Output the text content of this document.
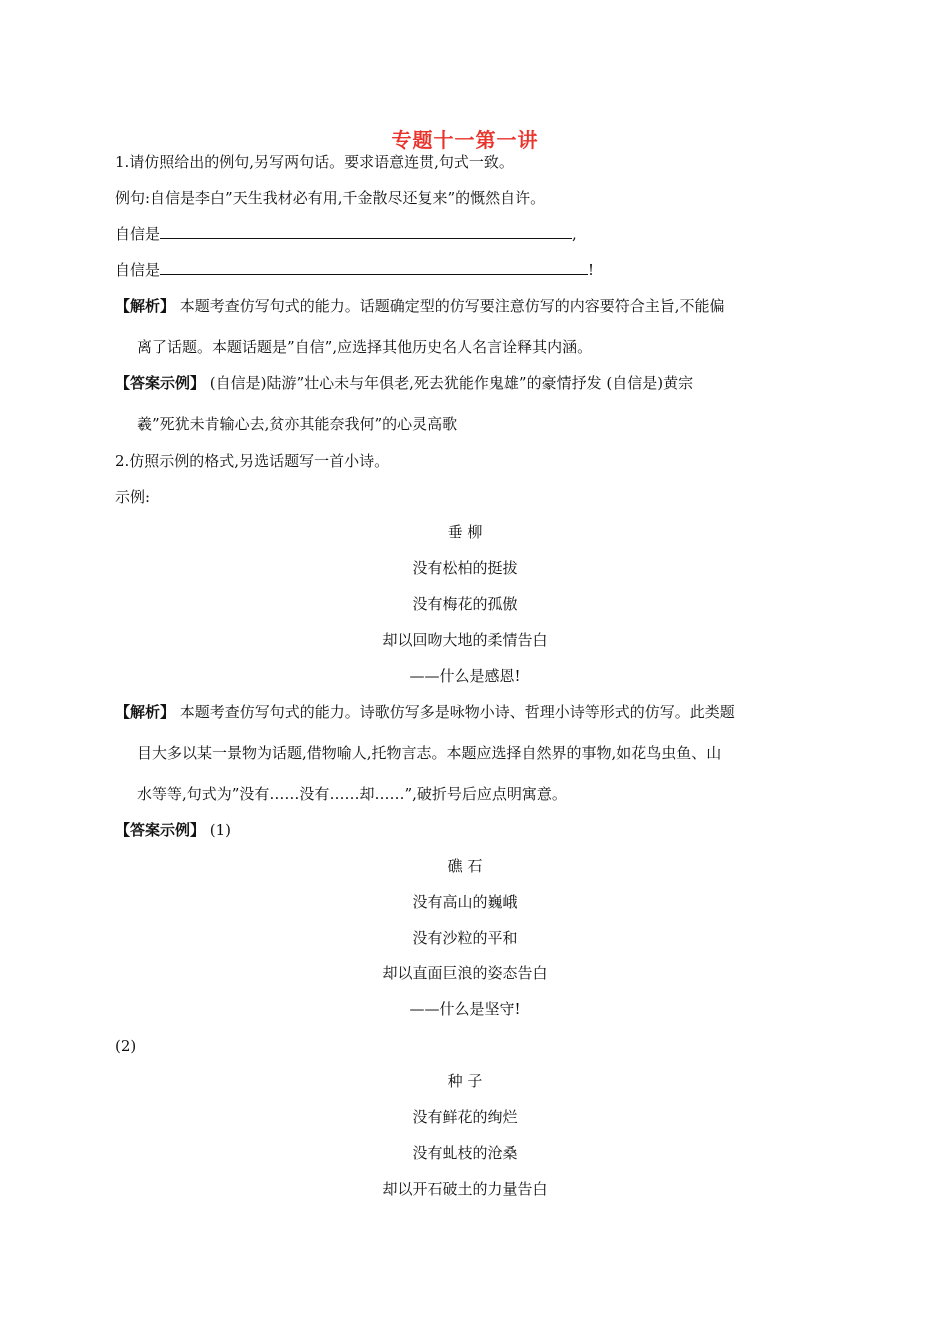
专题十一第一讲
1.请仿照给出的例句,另写两句话。要求语意连贯,句式一致。
例句:自信是李白”天生我材必有用,千金散尽还复来”的慨然自许。
自信是	,
自信是	!
【解析】 本题考查仿写句式的能力。话题确定型的仿写要注意仿写的内容要符合主旨,不能偏
离了话题。本题话题是”自信”,应选择其他历史名人名言诠释其内涵。
【答案示例】 (自信是)陆游”壮心未与年俱老,死去犹能作鬼雄”的豪情抒发 (自信是)黄宗
羲”死犹未肯输心去,贫亦其能奈我何”的心灵高歌
2.仿照示例的格式,另选话题写一首小诗。
示例:
垂 柳
没有松柏的挺拔
没有梅花的孤傲
却以回吻大地的柔情告白
——什么是感恩!
【解析】 本题考查仿写句式的能力。诗歌仿写多是咏物小诗、哲理小诗等形式的仿写。此类题
目大多以某一景物为话题,借物喻人,托物言志。本题应选择自然界的事物,如花鸟虫鱼、山
水等等,句式为”没有……没有……却……”,破折号后应点明寓意。
【答案示例】 (1)
礁 石
没有高山的巍峨
没有沙粒的平和
却以直面巨浪的姿态告白
——什么是坚守!
(2)
种 子
没有鲜花的绚烂
没有虬枝的沧桑
却以开石破土的力量告白
